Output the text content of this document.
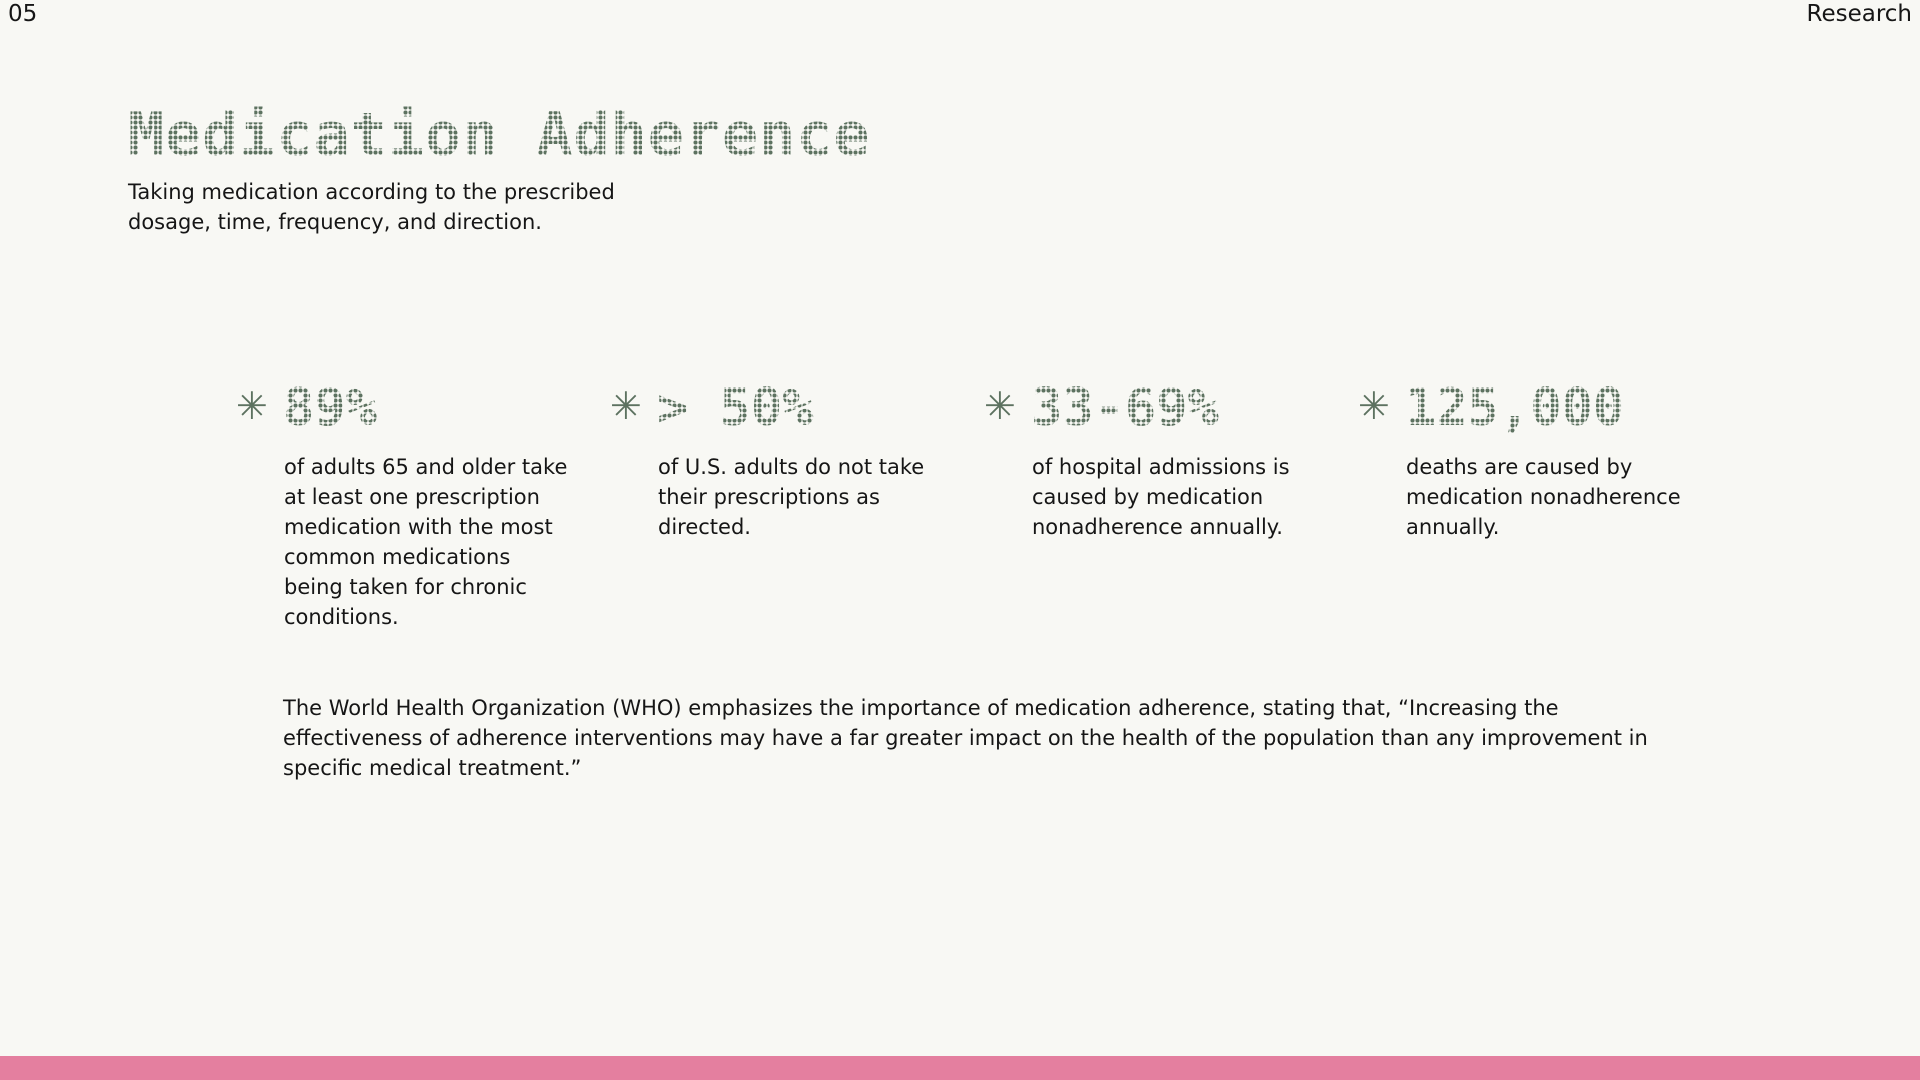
05	Research
Medication Adherence

Taking medication according to the prescribed dosage, time, frequency, and direction.

✳ 89%

of adults 65 and older take at least one prescription medication with the most common medications being taken for chronic conditions.

✳ > 50%

of U.S. adults do not take their prescriptions as directed.

✳ 33-69%

of hospital admissions is caused by medication nonadherence annually.

✳ 125,000

deaths are caused by medication nonadherence annually.

The World Health Organization (WHO) emphasizes the importance of medication adherence, stating that, “Increasing the effectiveness of adherence interventions may have a far greater impact on the health of the population than any improvement in specific medical treatment.”
